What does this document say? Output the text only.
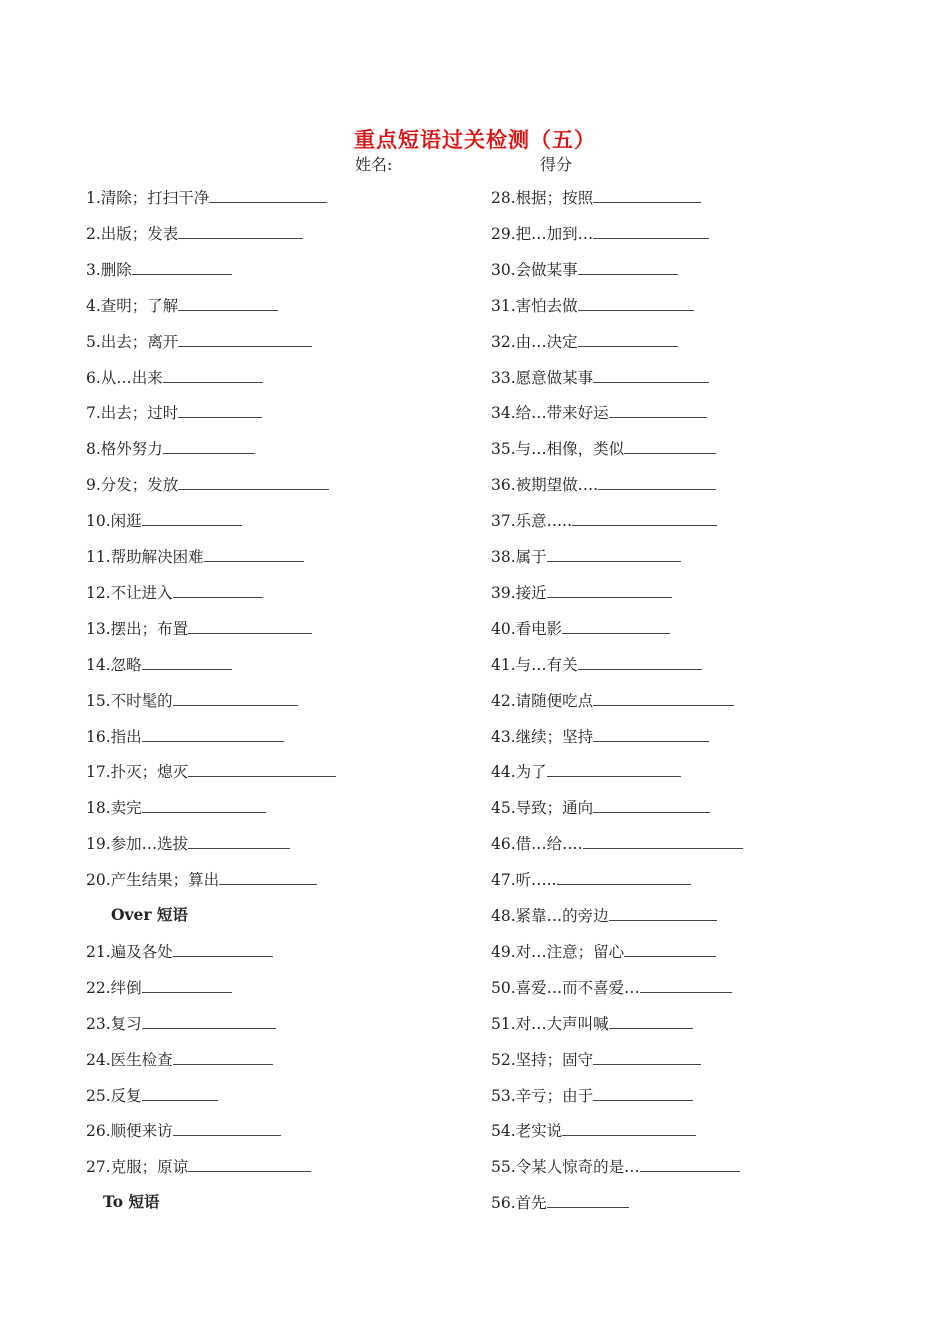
重点短语过关检测（五）
姓名:	得分
1.清除；打扫干净
2.出版；发表
3.删除
4.查明；了解
5.出去；离开
6.从…出来
7.出去；过时
8.格外努力
9.分发；发放
10.闲逛
11.帮助解决困难
12.不让进入
13.摆出；布置
14.忽略
15.不时髦的
16.指出
17.扑灭；熄灭
18.卖完
19.参加…选拔
20.产生结果；算出
Over 短语
21.遍及各处
22.绊倒
23.复习
24.医生检查
25.反复
26.顺便来访
27.克服；原谅
To 短语
28.根据；按照
29.把…加到…
30.会做某事
31.害怕去做
32.由…决定
33.愿意做某事
34.给…带来好运
35.与…相像，类似
36.被期望做….
37.乐意…..
38.属于
39.接近
40.看电影
41.与…有关
42.请随便吃点
43.继续；坚持
44.为了
45.导致；通向
46.借…给….
47.听…..
48.紧靠…的旁边
49.对…注意；留心
50.喜爱…而不喜爱…
51.对…大声叫喊
52.坚持；固守
53.辛亏；由于
54.老实说
55.令某人惊奇的是…
56.首先
